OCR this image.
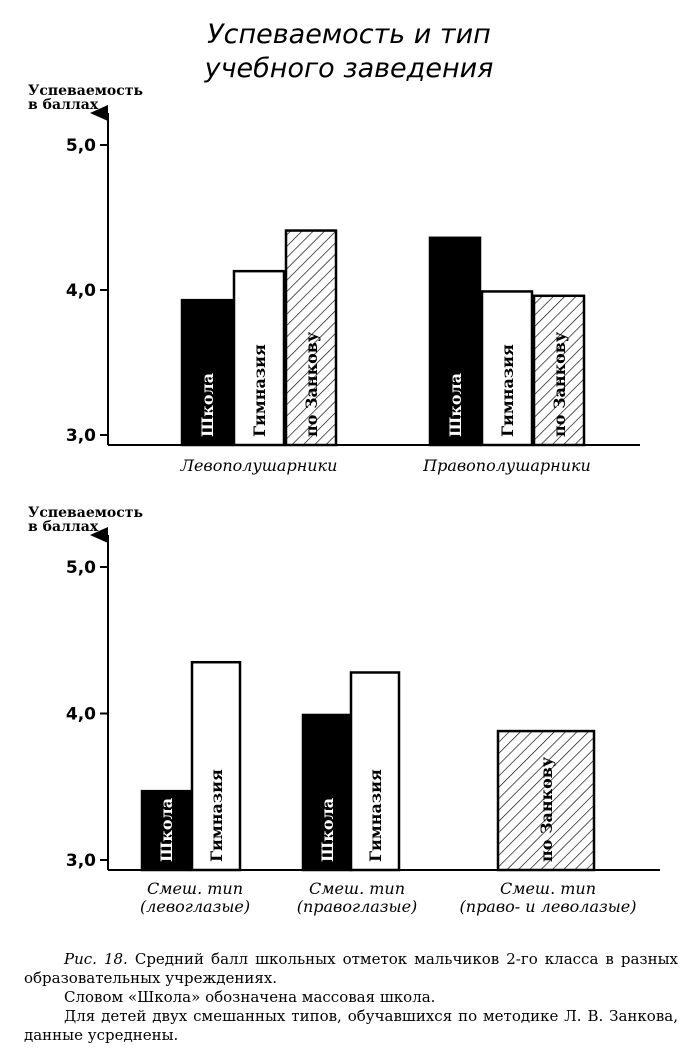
Успеваемость и тип
учебного заведения
Успеваемость
в баллах
5,0
4,0
3,0	Школа Гимназия по Занкову
Левополушарники
Школа Гимназия по Занкову
Правополушарники
Успеваемость
в баллах
5,0
4,0
3,0	Школа Гимназия
Смеш. тип
(левоглазые)
Школа Гимназия
Смеш. тип
(правоглазые)
по Занкову
Смеш. тип
(право- и леволазые)

Рис. 18. Средний балл школьных отметок мальчиков 2-го класса в разных образовательных учреждениях.

Словом «Школа» обозначена массовая школа.

Для детей двух смешанных типов, обучавшихся по методике Л. В. Занкова, данные усреднены.
